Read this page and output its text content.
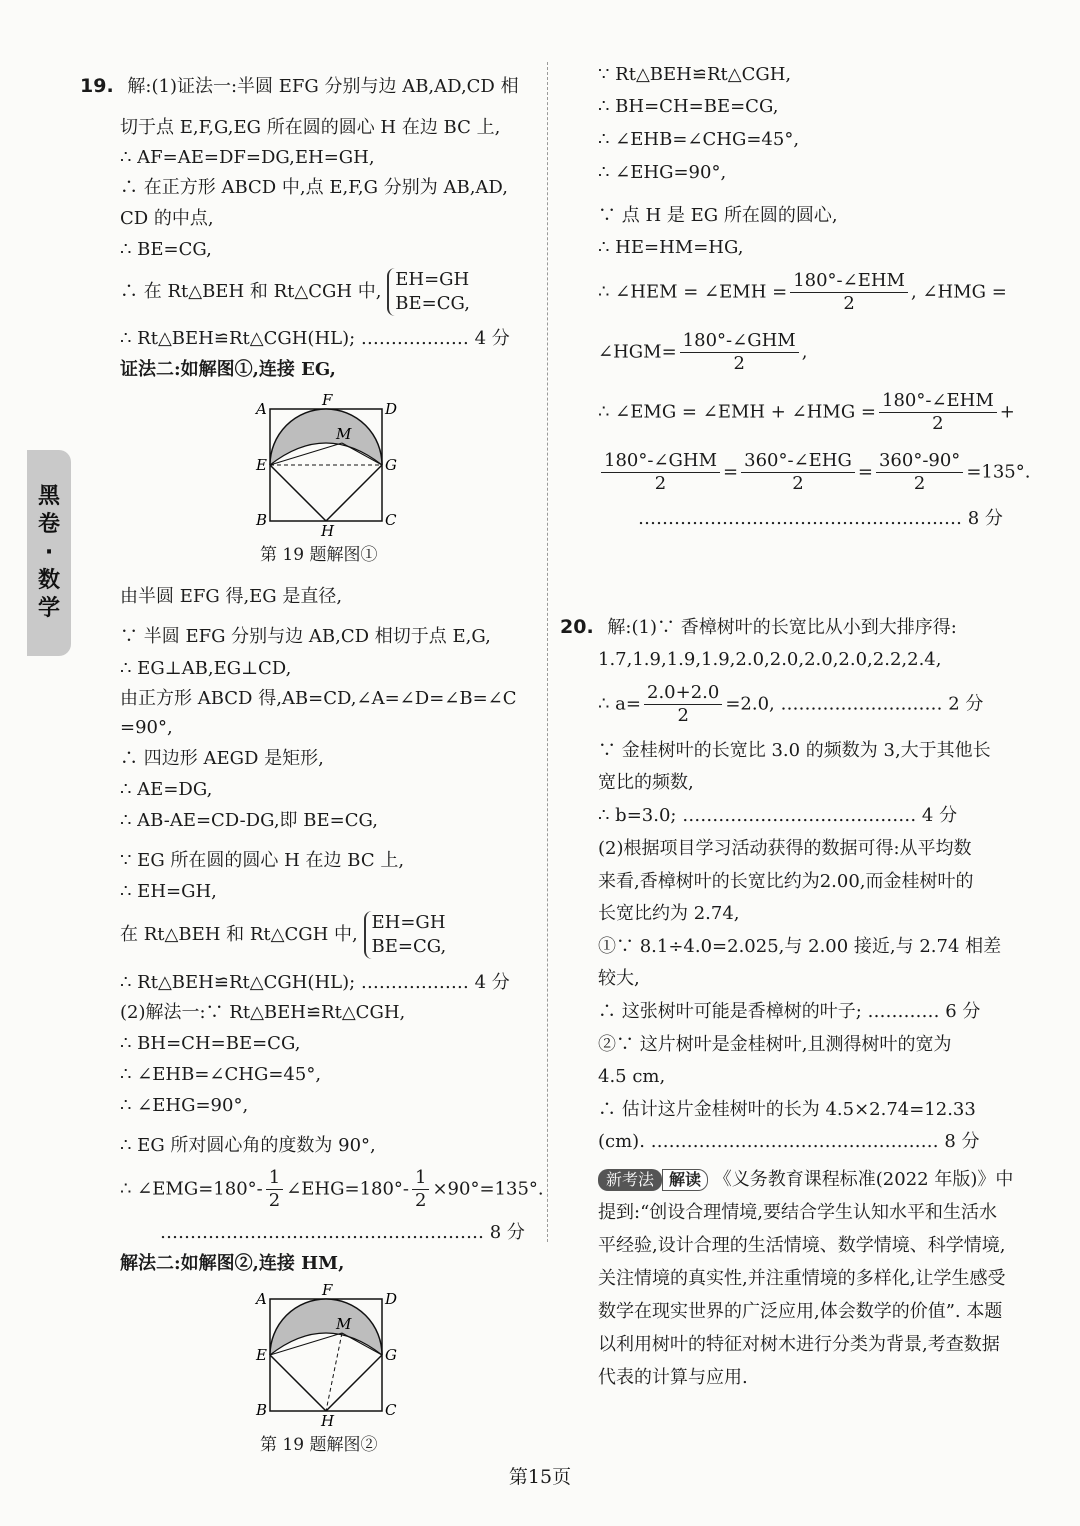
黑
卷
·
数
学
19. 解:(1)证法一:半圆 EFG 分别与边 AB,AD,CD 相
切于点 E,F,G,EG 所在圆的圆心 H 在边 BC 上,
∴ AF=AE=DF=DG,EH=GH,
∴ 在正方形 ABCD 中,点 E,F,G 分别为 AB,AD,
CD 的中点,
∴ BE=CG,
∴ 在 Rt△BEH 和 Rt△CGH 中,
EH=GH
BE=CG,
∴ Rt△BEH≌Rt△CGH(HL); ……………… 4 分
证法二:如解图①,连接 EG,
A	F	D
M
E	G
B
H
C
第 19 题解图①
由半圆 EFG 得,EG 是直径,
∵ 半圆 EFG 分别与边 AB,CD 相切于点 E,G,
∴ EG⊥AB,EG⊥CD,
由正方形 ABCD 得,AB=CD,∠A=∠D=∠B=∠C
=90°,
∴ 四边形 AEGD 是矩形,
∴ AE=DG,
∴ AB-AE=CD-DG,即 BE=CG,
∵ EG 所在圆的圆心 H 在边 BC 上,
∴ EH=GH,
在 Rt△BEH 和 Rt△CGH 中,
EH=GH
BE=CG,
∴ Rt△BEH≌Rt△CGH(HL); ……………… 4 分
(2)解法一:∵ Rt△BEH≌Rt△CGH,
∴ BH=CH=BE=CG,
∴ ∠EHB=∠CHG=45°,
∴ ∠EHG=90°,
∴ EG 所对圆心角的度数为 90°,
∴ ∠EMG=180°- $\frac{1}{2}$ ∠EHG=180°- $\frac{1}{2} \times 90^\circ=135^\circ$.
……………………………………………… 8 分
解法二:如解图②,连接 HM,
A	F	D
M
E	G
B
H
C
第 19 题解图②
∵ Rt△BEH≌Rt△CGH,
∴ BH=CH=BE=CG,
∴ ∠EHB=∠CHG=45°,
∴ ∠EHG=90°,
∵ 点 H 是 EG 所在圆的圆心,
∴ HE=HM=HG,
∴ ∠HEM = ∠EMH = $\frac{\text{180°-∠EHM}}{2}$ , ∠HMG =
∠HGM= $\frac{\text{180°-∠GHM}}{2}$ ,
∴ ∠EMG = ∠EMH + ∠HMG = $\frac{\text{180°-∠EHM}}{2}$ +
$\frac{\text{180°-∠GHM}}{2} = \frac{\text{360°-∠EHG}}{2} = \frac{360^\circ-90^\circ}{2} =135^\circ$.
……………………………………………… 8 分
20. 解:(1)∵ 香樟树叶的长宽比从小到大排序得:
1.7,1.9,1.9,1.9,2.0,2.0,2.0,2.0,2.2,2.4,
∴ $a= \frac{2.0+2.0}{2} =2.0$, ……………………… 2 分
∵ 金桂树叶的长宽比 3.0 的频数为 3,大于其他长
宽比的频数,
∴ b=3.0; ………………………………… 4 分
(2)根据项目学习活动获得的数据可得:从平均数
来看,香樟树叶的长宽比约为2.00,而金桂树叶的
长宽比约为 2.74,
①∵ 8.1÷4.0=2.025,与 2.00 接近,与 2.74 相差
较大,
∴ 这张树叶可能是香樟树的叶子; ………… 6 分
②∵ 这片树叶是金桂树叶,且测得树叶的宽为
4.5 cm,
∴ 估计这片金桂树叶的长为 4.5×2.74=12.33
(cm). ………………………………………… 8 分
新考法 解读 《义务教育课程标准(2022 年版)》中提到:“创设合理情境,要结合学生认知水平和生活水平经验,设计合理的生活情境、数学情境、科学情境,关注情境的真实性,并注重情境的多样化,让学生感受数学在现实世界的广泛应用,体会数学的价值”. 本题以利用树叶的特征对树木进行分类为背景,考查数据代表的计算与应用.
第15页
